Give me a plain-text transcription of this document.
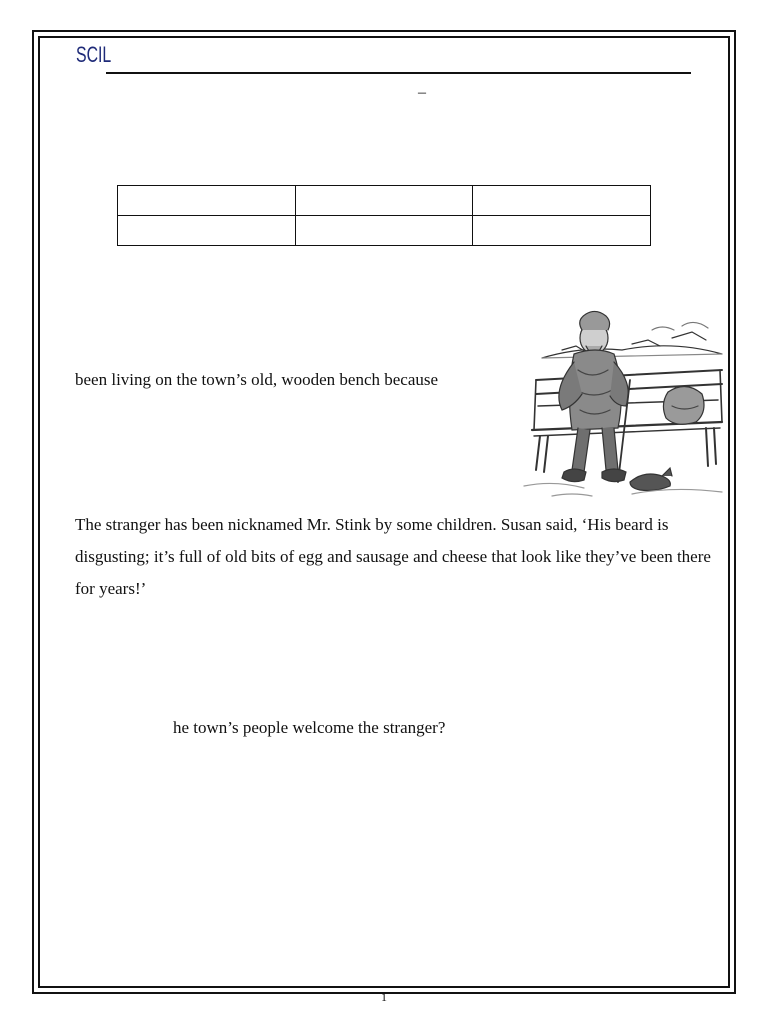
SCIL
–

been living on the town’s old, wooden bench because

The stranger has been nicknamed Mr. Stink by some children. Susan said, ‘His beard is disgusting; it’s full of old bits of egg and sausage and cheese that look like they’ve been there for years!’

he town’s people welcome the stranger?

1
